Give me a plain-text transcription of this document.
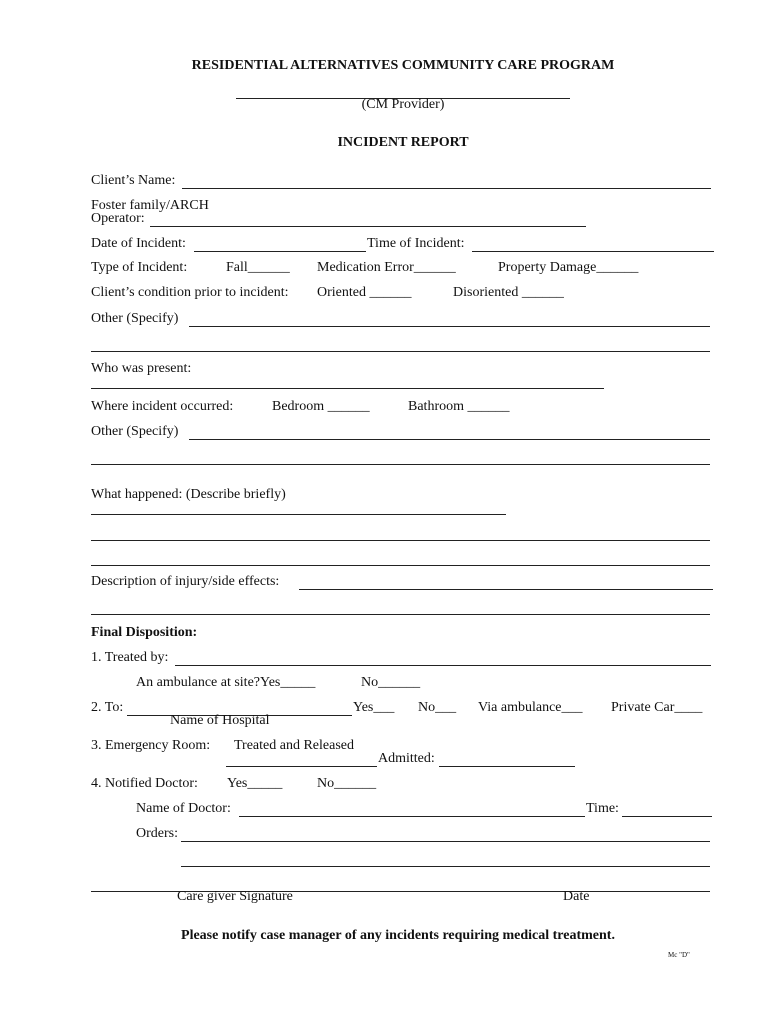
RESIDENTIAL ALTERNATIVES COMMUNITY CARE PROGRAM
(CM Provider)
INCIDENT REPORT
Client’s Name:
Foster family/ARCH
Operator:
Date of Incident:	Time of Incident:
Type of Incident:	Fall______ Medication Error______	Property Damage______
Client’s condition prior to incident: Oriented ______	Disoriented ______
Other (Specify)
Who was present:
Where incident occurred:	Bedroom ______	Bathroom ______
Other (Specify)
What happened: (Describe briefly)
Description of injury/side effects:
Final Disposition:
1. Treated by:
An ambulance at site?Yes_____	No______
2. To:	Yes___ No___ Via ambulance___ Private Car____
Name of Hospital
3. Emergency Room: Treated and Released
Admitted:
4. Notified Doctor: Yes_____ No______
Name of Doctor:	Time:
Orders:
Care giver Signature	Date
Please notify case manager of any incidents requiring medical treatment.
Mc "D"
